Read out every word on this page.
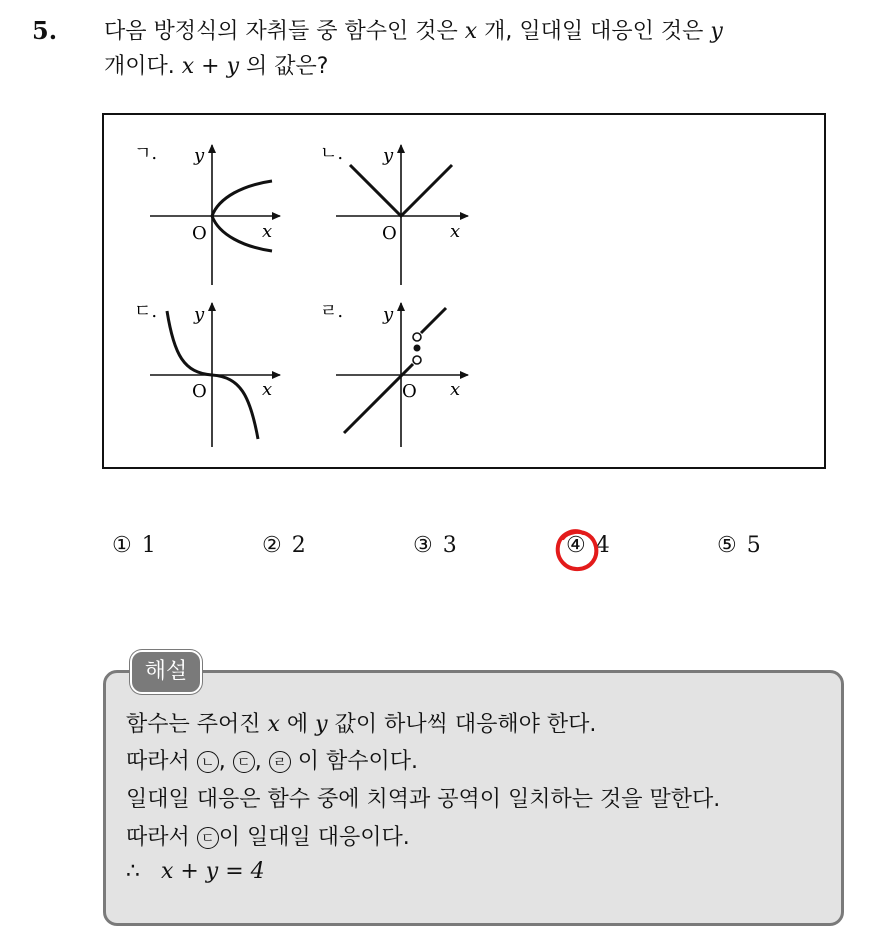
5. 다음 방정식의 자취들 중 함수인 것은 x 개, 일대일 대응인 것은 y
개이다. x + y 의 값은?
ㄱ.
O	x
y	ㄴ.
O	x
y
ㄷ.
O	x
y	ㄹ.
O x
y
① 1	② 2	③ 3	④ 4	⑤ 5
해설
함수는 주어진 x 에 y 값이 하나씩 대응해야 한다.
따라서 ㄴ , ㄷ , ㄹ 이 함수이다.
일대일 대응은 함수 중에 치역과 공역이 일치하는 것을 말한다.
따라서 ㄷ 이 일대일 대응이다.
∴ x + y = 4
